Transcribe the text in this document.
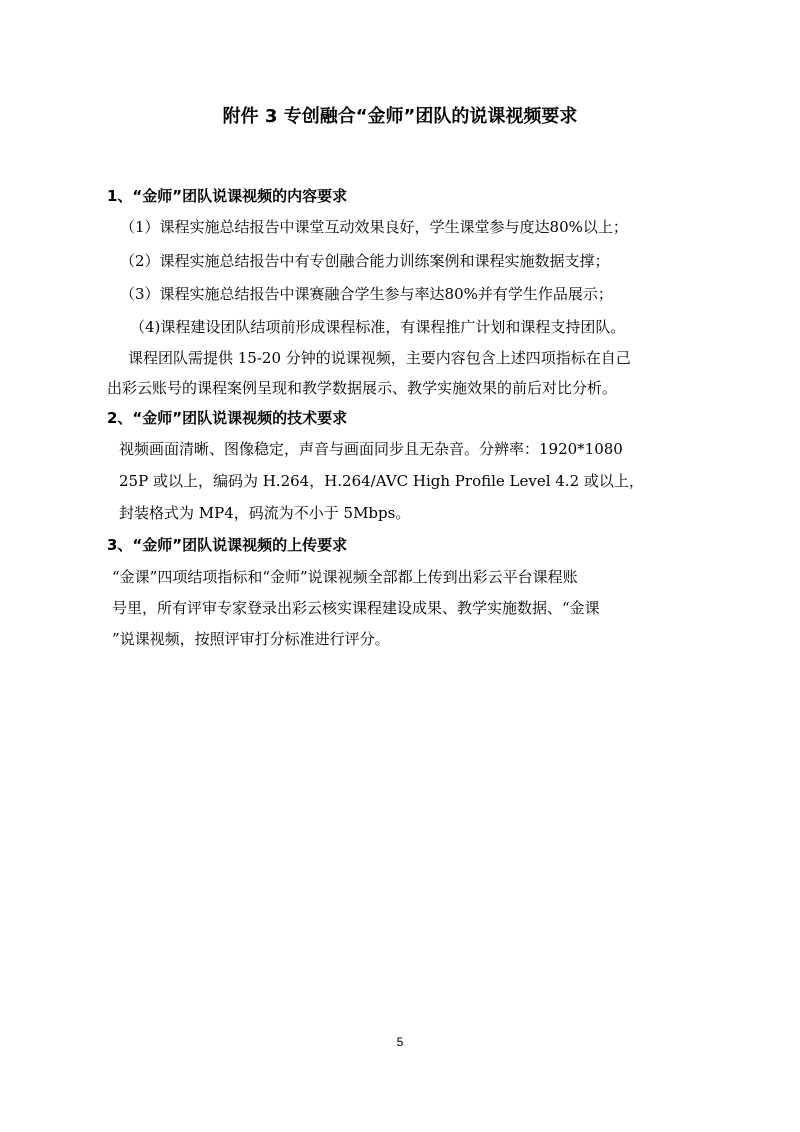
附件 3 专创融合“金师”团队的说课视频要求
1、“金师”团队说课视频的内容要求
（1）课程实施总结报告中课堂互动效果良好，学生课堂参与度达80%以上；
（2）课程实施总结报告中有专创融合能力训练案例和课程实施数据支撑；
（3）课程实施总结报告中课赛融合学生参与率达80%并有学生作品展示；
（4)课程建设团队结项前形成课程标准，有课程推广计划和课程支持团队。
课程团队需提供 15-20 分钟的说课视频，主要内容包含上述四项指标在自己
出彩云账号的课程案例呈现和教学数据展示、教学实施效果的前后对比分析。
2、“金师”团队说课视频的技术要求
视频画面清晰、图像稳定，声音与画面同步且无杂音。分辨率：1920*1080
25P 或以上，编码为 H.264，H.264/AVC High Profile Level 4.2 或以上，
封装格式为 MP4，码流为不小于 5Mbps。
3、“金师”团队说课视频的上传要求
“金课”四项结项指标和“金师”说课视频全部都上传到出彩云平台课程账
号里，所有评审专家登录出彩云核实课程建设成果、教学实施数据、“金课
”说课视频，按照评审打分标准进行评分。
5
